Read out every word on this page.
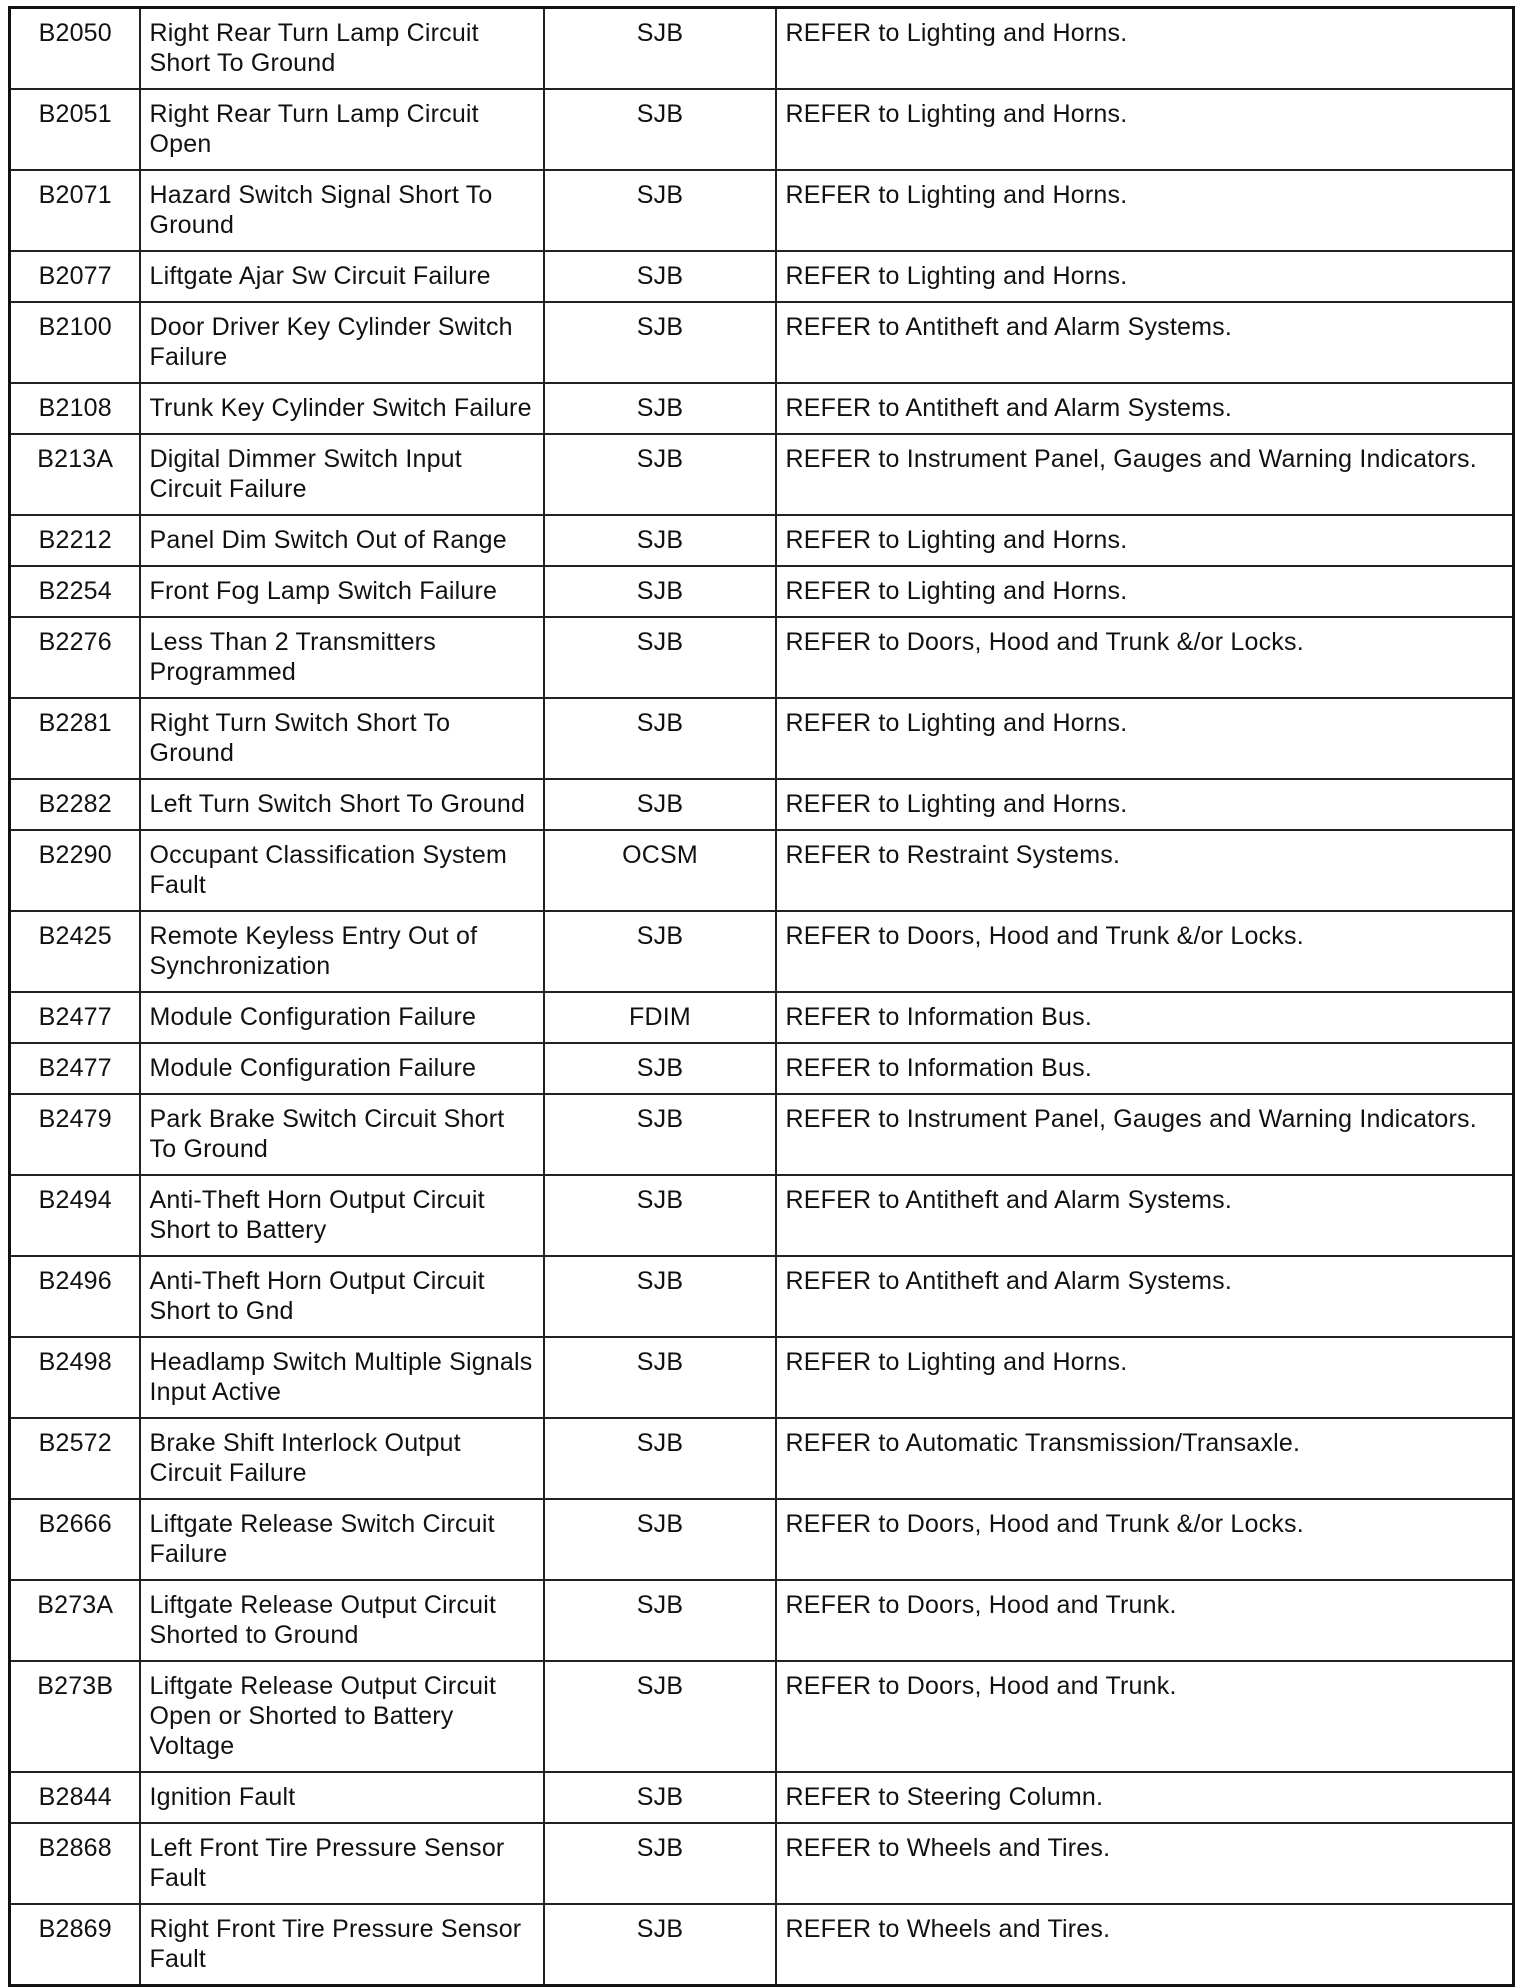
B2050	Right Rear Turn Lamp Circuit Short To Ground	SJB	REFER to Lighting and Horns.
B2051	Right Rear Turn Lamp Circuit Open	SJB	REFER to Lighting and Horns.
B2071	Hazard Switch Signal Short To Ground	SJB	REFER to Lighting and Horns.
B2077	Liftgate Ajar Sw Circuit Failure	SJB	REFER to Lighting and Horns.
B2100	Door Driver Key Cylinder Switch Failure	SJB	REFER to Antitheft and Alarm Systems.
B2108	Trunk Key Cylinder Switch Failure	SJB	REFER to Antitheft and Alarm Systems.
B213A	Digital Dimmer Switch Input Circuit Failure	SJB	REFER to Instrument Panel, Gauges and Warning Indicators.
B2212	Panel Dim Switch Out of Range	SJB	REFER to Lighting and Horns.
B2254	Front Fog Lamp Switch Failure	SJB	REFER to Lighting and Horns.
B2276	Less Than 2 Transmitters Programmed	SJB	REFER to Doors, Hood and Trunk &/or Locks.
B2281	Right Turn Switch Short To Ground	SJB	REFER to Lighting and Horns.
B2282	Left Turn Switch Short To Ground	SJB	REFER to Lighting and Horns.
B2290	Occupant Classification System Fault	OCSM	REFER to Restraint Systems.
B2425	Remote Keyless Entry Out of Synchronization	SJB	REFER to Doors, Hood and Trunk &/or Locks.
B2477	Module Configuration Failure	FDIM	REFER to Information Bus.
B2477	Module Configuration Failure	SJB	REFER to Information Bus.
B2479	Park Brake Switch Circuit Short To Ground	SJB	REFER to Instrument Panel, Gauges and Warning Indicators.
B2494	Anti-Theft Horn Output Circuit Short to Battery	SJB	REFER to Antitheft and Alarm Systems.
B2496	Anti-Theft Horn Output Circuit Short to Gnd	SJB	REFER to Antitheft and Alarm Systems.
B2498	Headlamp Switch Multiple Signals Input Active	SJB	REFER to Lighting and Horns.
B2572	Brake Shift Interlock Output Circuit Failure	SJB	REFER to Automatic Transmission/Transaxle.
B2666	Liftgate Release Switch Circuit Failure	SJB	REFER to Doors, Hood and Trunk &/or Locks.
B273A	Liftgate Release Output Circuit Shorted to Ground	SJB	REFER to Doors, Hood and Trunk.
B273B	Liftgate Release Output Circuit Open or Shorted to Battery Voltage	SJB	REFER to Doors, Hood and Trunk.
B2844	Ignition Fault	SJB	REFER to Steering Column.
B2868	Left Front Tire Pressure Sensor Fault	SJB	REFER to Wheels and Tires.
B2869	Right Front Tire Pressure Sensor Fault	SJB	REFER to Wheels and Tires.
